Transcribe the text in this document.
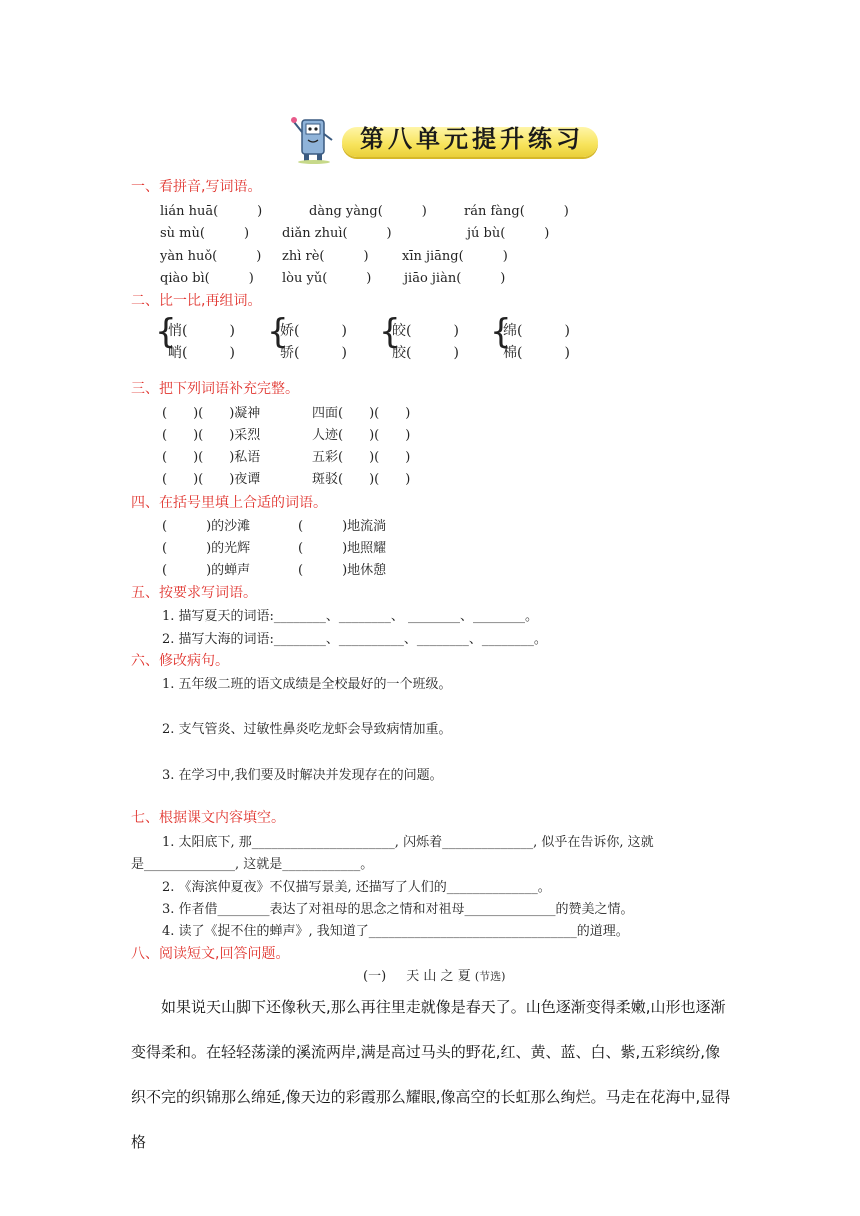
第八单元提升练习
一、看拼音,写词语。
lián huā(　　　)	dàng yàng(　　　)	rán fàng(　　　)
sù mù(　　　)	diǎn zhuì(　　　)	jú bù(　　　)
yàn huǒ(　　　) zhì rè(　　　)	xīn jiāng(　　　)
qiào bì(　　　) lòu yǔ(　　　)	jiāo jiàn(　　　)
二、比一比,再组词。
{
悄(　　　)
峭(　　　)
{
娇(　　　)
骄(　　　)
{
皎(　　　)
胶(　　　)
{
绵(　　　)
棉(　　　)
三、把下列词语补充完整。
(　　)(　　)凝神	四面(　　)(　　)
(　　)(　　)采烈	人迹(　　)(　　)
(　　)(　　)私语	五彩(　　)(　　)
(　　)(　　)夜谭	斑驳(　　)(　　)
四、在括号里填上合适的词语。
(　　　)的沙滩	(　　　)地流淌
(　　　)的光辉	(　　　)地照耀
(　　　)的蝉声	(　　　)地休憩
五、按要求写词语。
1. 描写夏天的词语:________、________、 ________、________。
2. 描写大海的词语:________、__________、________、________。
六、修改病句。
1. 五年级二班的语文成绩是全校最好的一个班级。
2. 支气管炎、过敏性鼻炎吃龙虾会导致病情加重。
3. 在学习中,我们要及时解决并发现存在的问题。
七、根据课文内容填空。
1. 太阳底下, 那______________________, 闪烁着______________, 似乎在告诉你, 这就
是______________, 这就是____________。
2. 《海滨仲夏夜》不仅描写景美, 还描写了人们的______________。
3. 作者借________表达了对祖母的思念之情和对祖母______________的赞美之情。
4. 读了《捉不住的蝉声》, 我知道了________________________________的道理。
八、阅读短文,回答问题。
(一) 天 山 之 夏 (节选)
如果说天山脚下还像秋天,那么再往里走就像是春天了。山色逐渐变得柔嫩,山形也逐渐变得柔和。在轻轻荡漾的溪流两岸,满是高过马头的野花,红、黄、蓝、白、紫,五彩缤纷,像织不完的织锦那么绵延,像天边的彩霞那么耀眼,像高空的长虹那么绚烂。马走在花海中,显得格
